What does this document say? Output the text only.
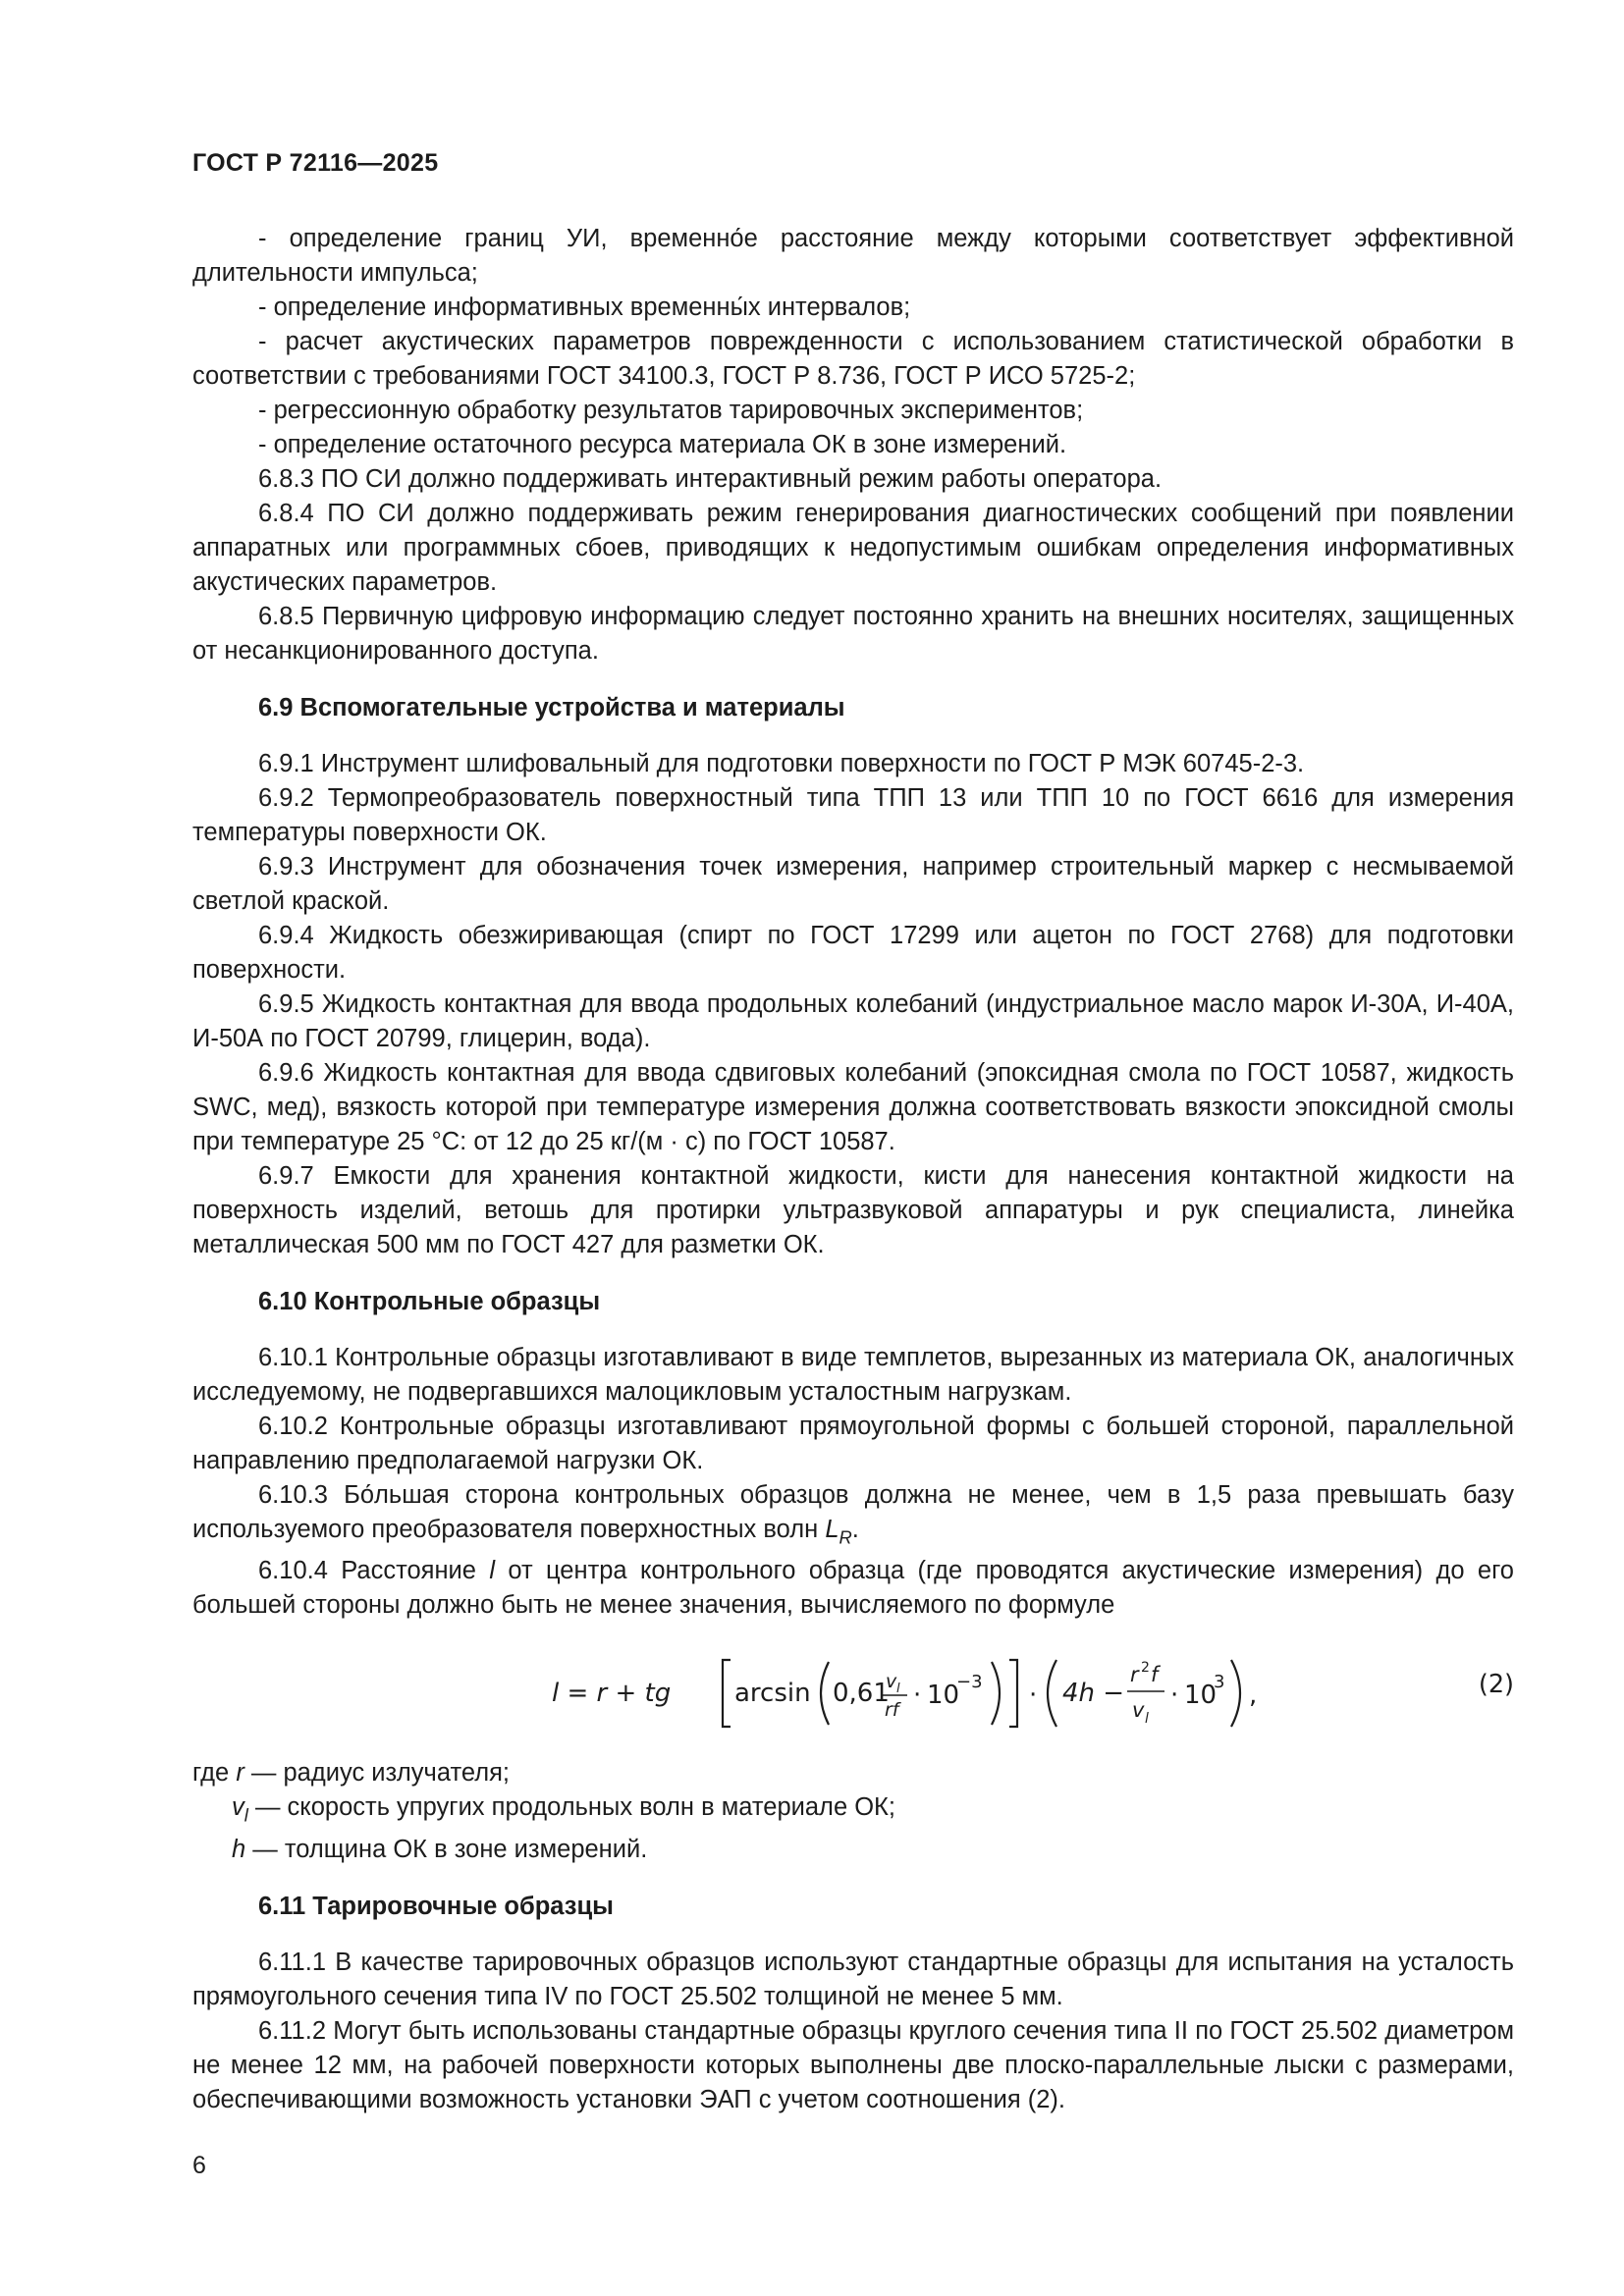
ГОСТ Р 72116—2025

- определение границ УИ, временно́е расстояние между которыми соответствует эффективной длительности импульса;

- определение информативных временны́х интервалов;

- расчет акустических параметров поврежденности с использованием статистической обработки в соответствии с требованиями ГОСТ 34100.3, ГОСТ Р 8.736, ГОСТ Р ИСО 5725-2;

- регрессионную обработку результатов тарировочных экспериментов;

- определение остаточного ресурса материала ОК в зоне измерений.

6.8.3 ПО СИ должно поддерживать интерактивный режим работы оператора.

6.8.4 ПО СИ должно поддерживать режим генерирования диагностических сообщений при появлении аппаратных или программных сбоев, приводящих к недопустимым ошибкам определения информативных акустических параметров.

6.8.5 Первичную цифровую информацию следует постоянно хранить на внешних носителях, защищенных от несанкционированного доступа.

6.9 Вспомогательные устройства и материалы

6.9.1 Инструмент шлифовальный для подготовки поверхности по ГОСТ Р МЭК 60745-2-3.

6.9.2 Термопреобразователь поверхностный типа ТПП 13 или ТПП 10 по ГОСТ 6616 для измерения температуры поверхности ОК.

6.9.3 Инструмент для обозначения точек измерения, например строительный маркер с несмываемой светлой краской.

6.9.4 Жидкость обезжиривающая (спирт по ГОСТ 17299 или ацетон по ГОСТ 2768) для подготовки поверхности.

6.9.5 Жидкость контактная для ввода продольных колебаний (индустриальное масло марок И-30А, И-40А, И-50А по ГОСТ 20799, глицерин, вода).

6.9.6 Жидкость контактная для ввода сдвиговых колебаний (эпоксидная смола по ГОСТ 10587, жидкость SWC, мед), вязкость которой при температуре измерения должна соответствовать вязкости эпоксидной смолы при температуре 25 °С: от 12 до 25 кг/(м · с) по ГОСТ 10587.

6.9.7 Емкости для хранения контактной жидкости, кисти для нанесения контактной жидкости на поверхность изделий, ветошь для протирки ультразвуковой аппаратуры и рук специалиста, линейка металлическая 500 мм по ГОСТ 427 для разметки ОК.

6.10 Контрольные образцы

6.10.1 Контрольные образцы изготавливают в виде темплетов, вырезанных из материала ОК, аналогичных исследуемому, не подвергавшихся малоцикловым усталостным нагрузкам.

6.10.2 Контрольные образцы изготавливают прямоугольной формы с большей стороной, параллельной направлению предполагаемой нагрузки ОК.

6.10.3 Бо́льшая сторона контрольных образцов должна не менее, чем в 1,5 раза превышать базу используемого преобразователя поверхностных волн $L_R$.

6.10.4 Расстояние l от центра контрольного образца (где проводятся акустические измерения) до его большей стороны должно быть не менее значения, вычисляемого по формуле

l = r + tg arcsin 0,61
v l
rf · 10
−3 · 4h −
r 2 f
v l
· 10
3 ,	(2)

где r — радиус излучателя;

$v_l$ — скорость упругих продольных волн в материале ОК;

h — толщина ОК в зоне измерений.

6.11 Тарировочные образцы

6.11.1 В качестве тарировочных образцов используют стандартные образцы для испытания на усталость прямоугольного сечения типа IV по ГОСТ 25.502 толщиной не менее 5 мм.

6.11.2 Могут быть использованы стандартные образцы круглого сечения типа II по ГОСТ 25.502 диаметром не менее 12 мм, на рабочей поверхности которых выполнены две плоско-параллельные лыски с размерами, обеспечивающими возможность установки ЭАП с учетом соотношения (2).

6
